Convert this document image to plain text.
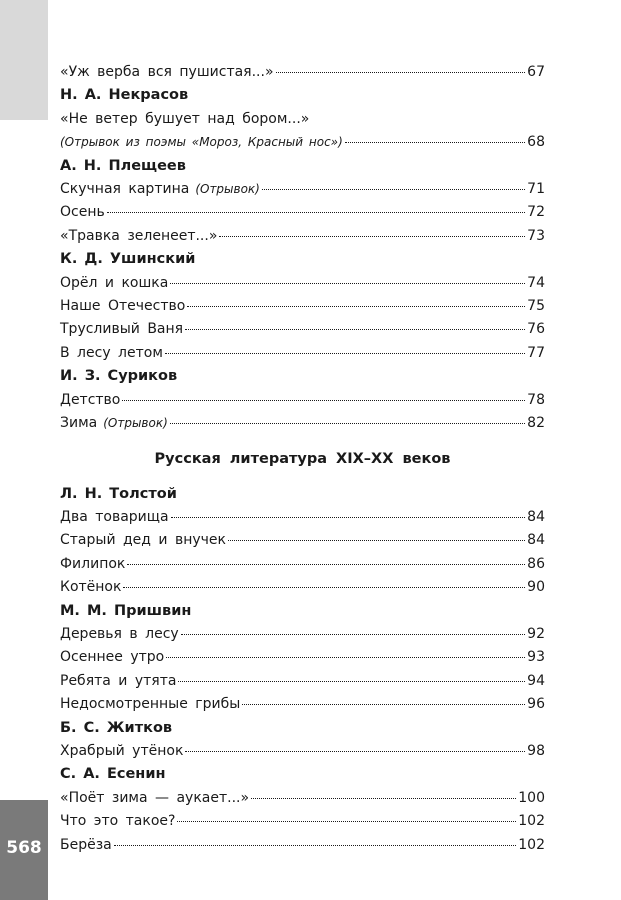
568
«Уж верба вся пушистая...»	67
Н. А. Некрасов
«Не ветер бушует над бором...»
(Отрывок из поэмы «Мороз, Красный нос»)	68
А. Н. Плещеев
Скучная картина (Отрывок)	71
Осень	72
«Травка зеленеет...»	73
К. Д. Ушинский
Орёл и кошка	74
Наше Отечество	75
Трусливый Ваня	76
В лесу летом	77
И. З. Суриков
Детство	78
Зима (Отрывок)	82
Русская литература XIX–XX веков
Л. Н. Толстой
Два товарища	84
Старый дед и внучек	84
Филипок	86
Котёнок	90
М. М. Пришвин
Деревья в лесу	92
Осеннее утро	93
Ребята и утята	94
Недосмотренные грибы	96
Б. С. Житков
Храбрый утёнок	98
С. А. Есенин
«Поёт зима — аукает...»	100
Что это такое?	102
Берёза	102
